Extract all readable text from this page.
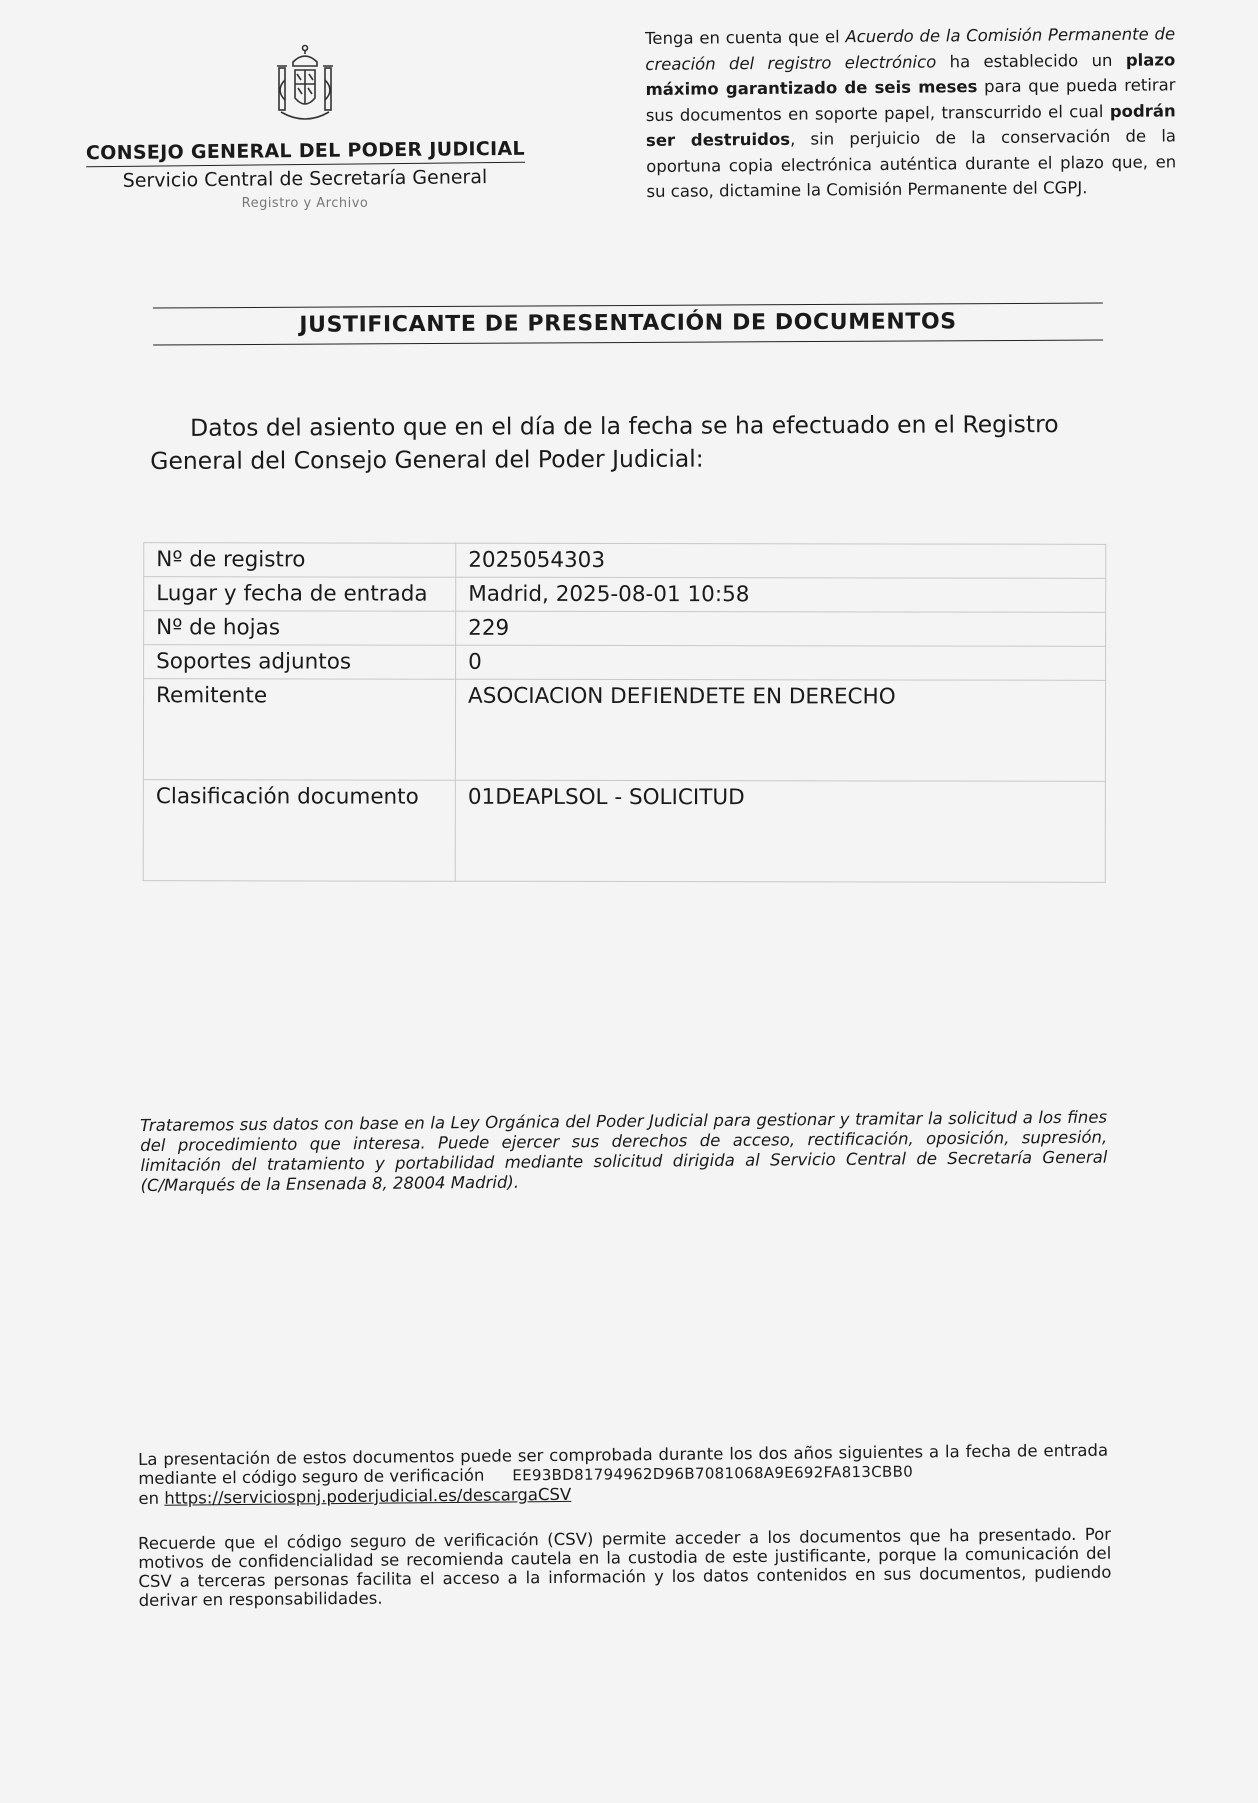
CONSEJO GENERAL DEL PODER JUDICIAL
Servicio Central de Secretaría General
Registro y Archivo
Tenga en cuenta que el Acuerdo de la Comisión Permanente de creación del registro electrónico ha establecido un plazo máximo garantizado de seis meses para que pueda retirar sus documentos en soporte papel, transcurrido el cual podrán ser destruidos, sin perjuicio de la conservación de la oportuna copia electrónica auténtica durante el plazo que, en su caso, dictamine la Comisión Permanente del CGPJ.
JUSTIFICANTE DE PRESENTACIÓN DE DOCUMENTOS
Datos del asiento que en el día de la fecha se ha efectuado en el Registro General del Consejo General del Poder Judicial:
Nº de registro	2025054303
Lugar y fecha de entrada	Madrid, 2025-08-01 10:58
Nº de hojas	229
Soportes adjuntos	0
Remitente	ASOCIACION DEFIENDETE EN DERECHO
Clasificación documento	01DEAPLSOL - SOLICITUD
Trataremos sus datos con base en la Ley Orgánica del Poder Judicial para gestionar y tramitar la solicitud a los fines del procedimiento que interesa. Puede ejercer sus derechos de acceso, rectificación, oposición, supresión, limitación del tratamiento y portabilidad mediante solicitud dirigida al Servicio Central de Secretaría General (C/Marqués de la Ensenada 8, 28004 Madrid).
La presentación de estos documentos puede ser comprobada durante los dos años siguientes a la fecha de entrada mediante el código seguro de verificación EE93BD81794962D96B7081068A9E692FA813CBB0
en https://serviciospnj.poderjudicial.es/descargaCSV
Recuerde que el código seguro de verificación (CSV) permite acceder a los documentos que ha presentado. Por motivos de confidencialidad se recomienda cautela en la custodia de este justificante, porque la comunicación del CSV a terceras personas facilita el acceso a la información y los datos contenidos en sus documentos, pudiendo derivar en responsabilidades.
